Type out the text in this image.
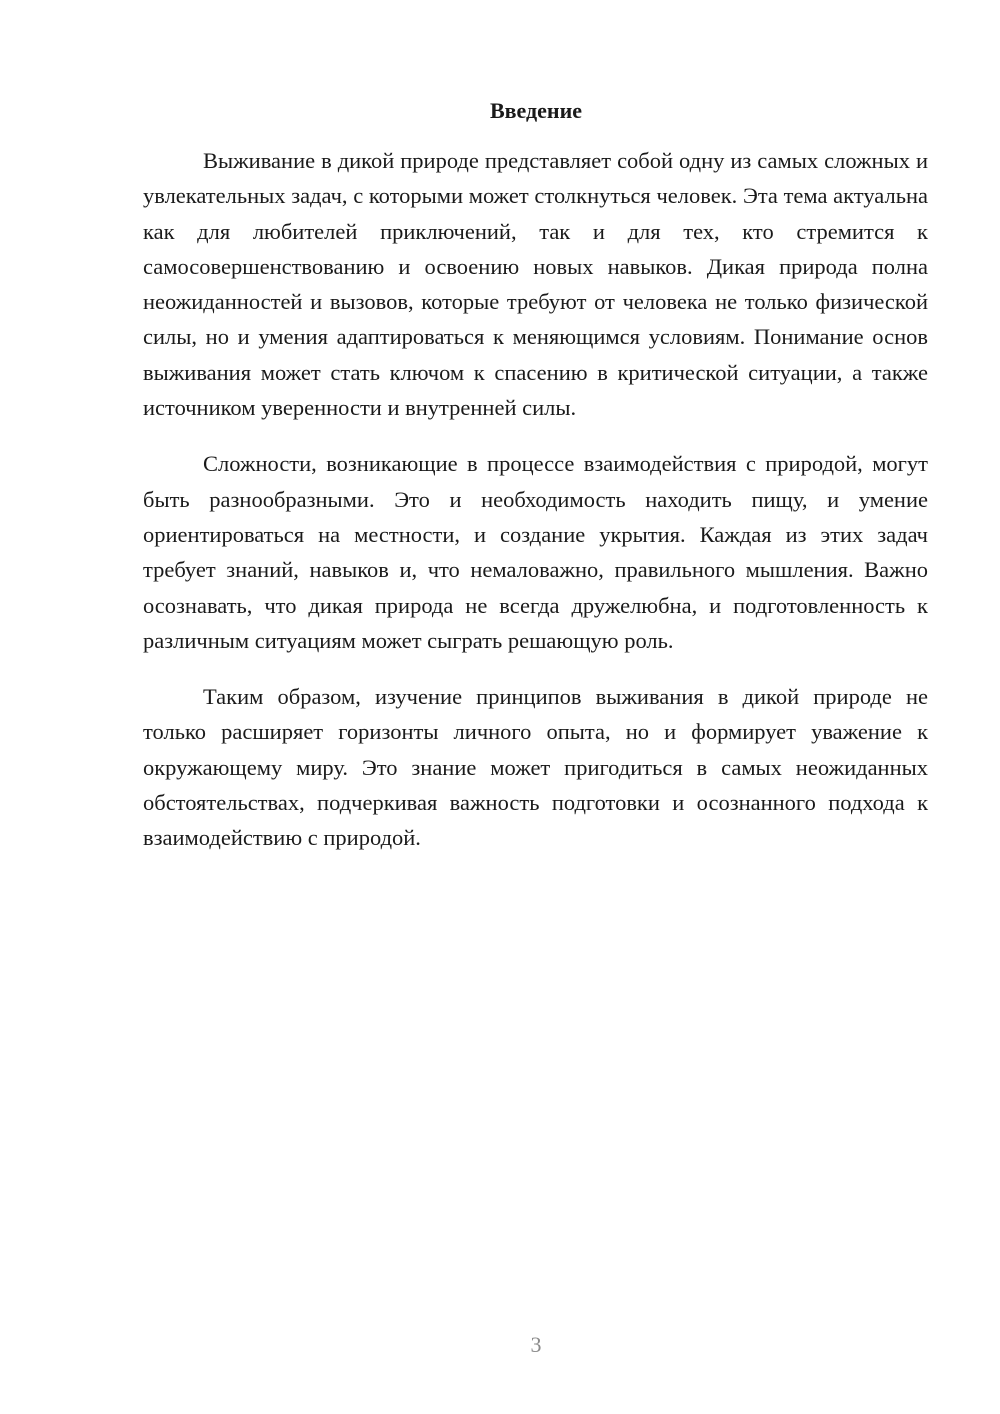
Введение

Выживание в дикой природе представляет собой одну из самых сложных и увлекательных задач, с которыми может столкнуться человек. Эта тема актуальна как для любителей приключений, так и для тех, кто стремится к самосовершенствованию и освоению новых навыков. Дикая природа полна неожиданностей и вызовов, которые требуют от человека не только физической силы, но и умения адаптироваться к меняющимся условиям. Понимание основ выживания может стать ключом к спасению в критической ситуации, а также источником уверенности и внутренней силы.

Сложности, возникающие в процессе взаимодействия с природой, могут быть разнообразными. Это и необходимость находить пищу, и умение ориентироваться на местности, и создание укрытия. Каждая из этих задач требует знаний, навыков и, что немаловажно, правильного мышления. Важно осознавать, что дикая природа не всегда дружелюбна, и подготовленность к различным ситуациям может сыграть решающую роль.

Таким образом, изучение принципов выживания в дикой природе не только расширяет горизонты личного опыта, но и формирует уважение к окружающему миру. Это знание может пригодиться в самых неожиданных обстоятельствах, подчеркивая важность подготовки и осознанного подхода к взаимодействию с природой.

3
